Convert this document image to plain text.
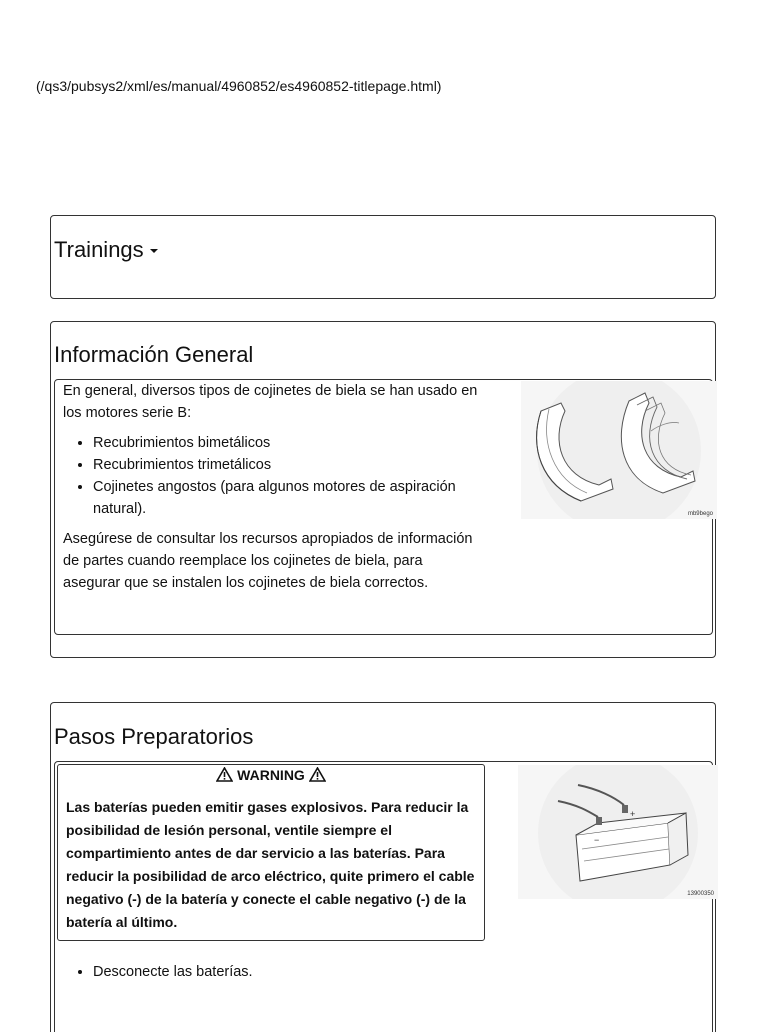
(/qs3/pubsys2/xml/es/manual/4960852/es4960852-titlepage.html)
Trainings
Información General

En general, diversos tipos de cojinetes de biela se han usado en los motores serie B:

• Recubrimientos bimetálicos
• Recubrimientos trimetálicos
• Cojinetes angostos (para algunos motores de aspiración natural).

Asegúrese de consultar los recursos apropiados de información de partes cuando reemplace los cojinetes de biela, para asegurar que se instalen los cojinetes de biela correctos.

mb9bego
Pasos Preparatorios
WARNING
Las baterías pueden emitir gases explosivos. Para reducir la posibilidad de lesión personal, ventile siempre el compartimiento antes de dar servicio a las baterías. Para reducir la posibilidad de arco eléctrico, quite primero el cable negativo (-) de la batería y conecte el cable negativo (-) de la batería al último.
−
+
13900350
• Desconecte las baterías.
